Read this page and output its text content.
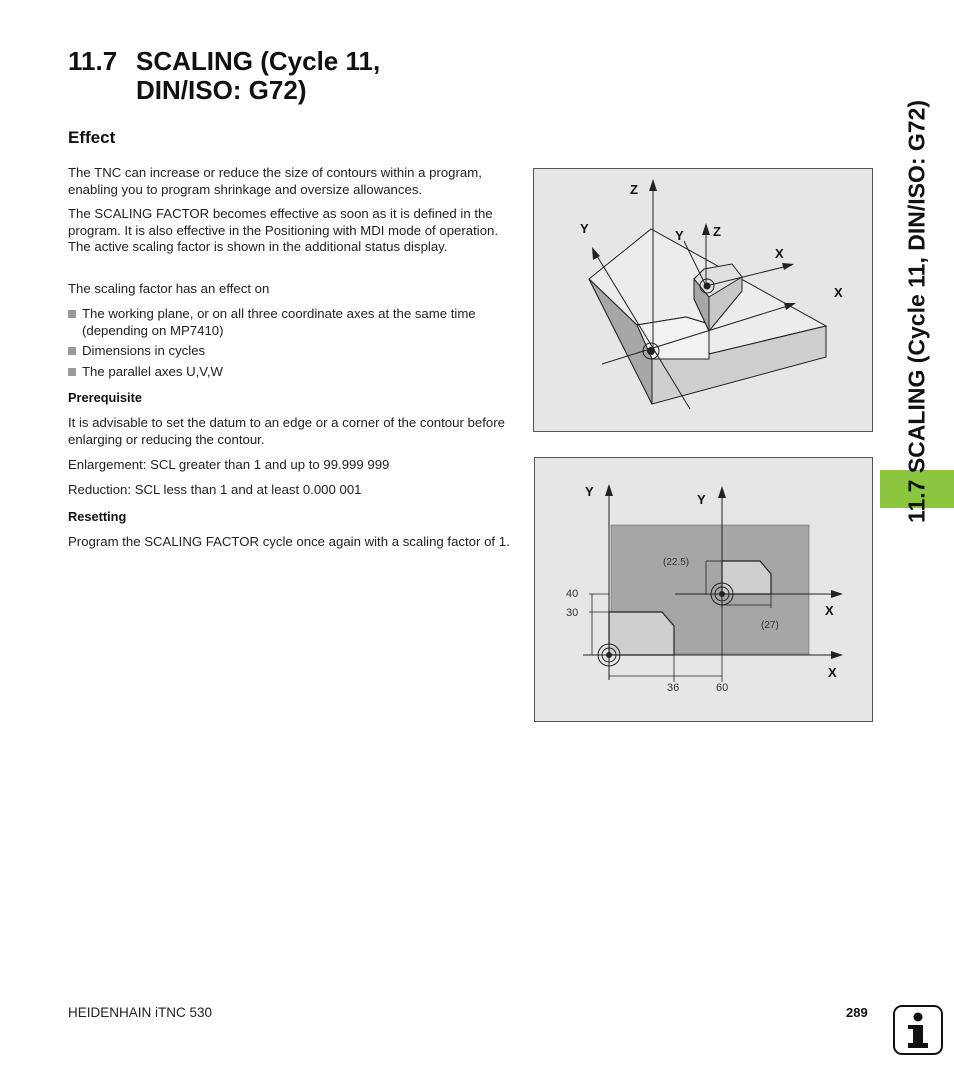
11.7 SCALING (Cycle 11,
DIN/ISO: G72)
Effect
The TNC can increase or reduce the size of contours within a program, enabling you to program shrinkage and oversize allowances.
The SCALING FACTOR becomes effective as soon as it is defined in the program. It is also effective in the Positioning with MDI mode of operation. The active scaling factor is shown in the additional status display.
The scaling factor has an effect on
The working plane, or on all three coordinate axes at the same time (depending on MP7410)
Dimensions in cycles
The parallel axes U,V,W
Prerequisite
It is advisable to set the datum to an edge or a corner of the contour before enlarging or reducing the contour.
Enlargement: SCL greater than 1 and up to 99.999 999
Reduction: SCL less than 1 and at least 0.000 001
Resetting
Program the SCALING FACTOR cycle once again with a scaling factor of 1.
Z
Y	Y Z
X
X
Y
Y
X
X
40
30
36	60
(22.5)
(27)
11.7 SCALING (Cycle 11, DIN/ISO: G72)
HEIDENHAIN iTNC 530	289
